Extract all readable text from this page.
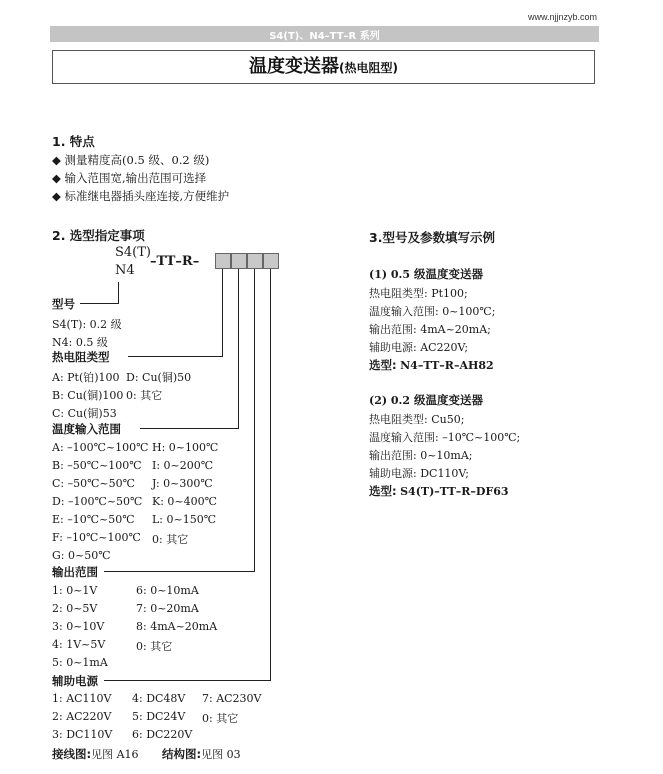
www.njjnzyb.com
S4(T)、N4–TT–R 系列
温度变送器(热电阻型)
1. 特点
◆ 测量精度高(0.5 级、0.2 级)
◆ 输入范围宽,输出范围可选择
◆ 标准继电器插头座连接,方便维护
2. 选型指定事项
S4(T)
N4
–TT–R–
型号
S4(T): 0.2 级
N4: 0.5 级
热电阻类型
A: Pt(铂)100 D: Cu(铜)50
B: Cu(铜)100 0: 其它
C: Cu(铜)53
温度输入范围
A: –100℃~100℃ H: 0~100℃
B: –50℃~100℃ I: 0~200℃
C: –50℃~50℃ J: 0~300℃
D: –100℃~50℃ K: 0~400℃
E: –10℃~50℃ L: 0~150℃
F: –10℃~100℃ 0: 其它
G: 0~50℃
输出范围
1: 0~1V	6: 0~10mA
2: 0~5V	7: 0~20mA
3: 0~10V	8: 4mA~20mA
4: 1V~5V	0: 其它
5: 0~1mA
辅助电源
1: AC110V 4: DC48V 7: AC230V
2: AC220V 5: DC24V 0: 其它
3: DC110V 6: DC220V
接线图:见图 A16 结构图:见图 03
3.型号及参数填写示例
(1) 0.5 级温度变送器
热电阻类型: Pt100;
温度输入范围: 0~100℃;
输出范围: 4mA~20mA;
辅助电源: AC220V;
选型: N4–TT–R–AH82
(2) 0.2 级温度变送器
热电阻类型: Cu50;
温度输入范围: –10℃~100℃;
输出范围: 0~10mA;
辅助电源: DC110V;
选型: S4(T)–TT–R–DF63
